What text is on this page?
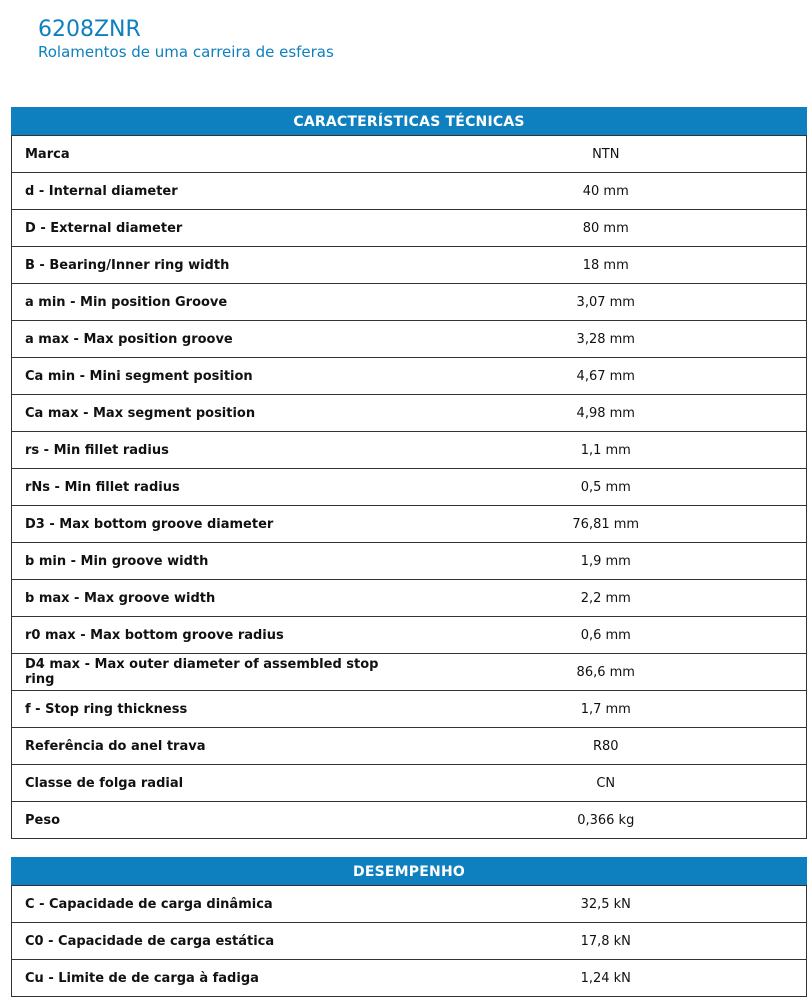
6208ZNR
Rolamentos de uma carreira de esferas
CARACTERÍSTICAS TÉCNICAS	
Marca	NTN
d - Internal diameter	40 mm
D - External diameter	80 mm
B - Bearing/Inner ring width	18 mm
a min - Min position Groove	3,07 mm
a max - Max position groove	3,28 mm
Ca min - Mini segment position	4,67 mm
Ca max - Max segment position	4,98 mm
rs - Min fillet radius	1,1 mm
rNs - Min fillet radius	0,5 mm
D3 - Max bottom groove diameter	76,81 mm
b min - Min groove width	1,9 mm
b max - Max groove width	2,2 mm
r0 max - Max bottom groove radius	0,6 mm
D4 max - Max outer diameter of assembled stop ring	86,6 mm
f - Stop ring thickness	1,7 mm
Referência do anel trava	R80
Classe de folga radial	CN
Peso	0,366 kg
DESEMPENHO	
C - Capacidade de carga dinâmica	32,5 kN
C0 - Capacidade de carga estática	17,8 kN
Cu - Limite de de carga à fadiga	1,24 kN
